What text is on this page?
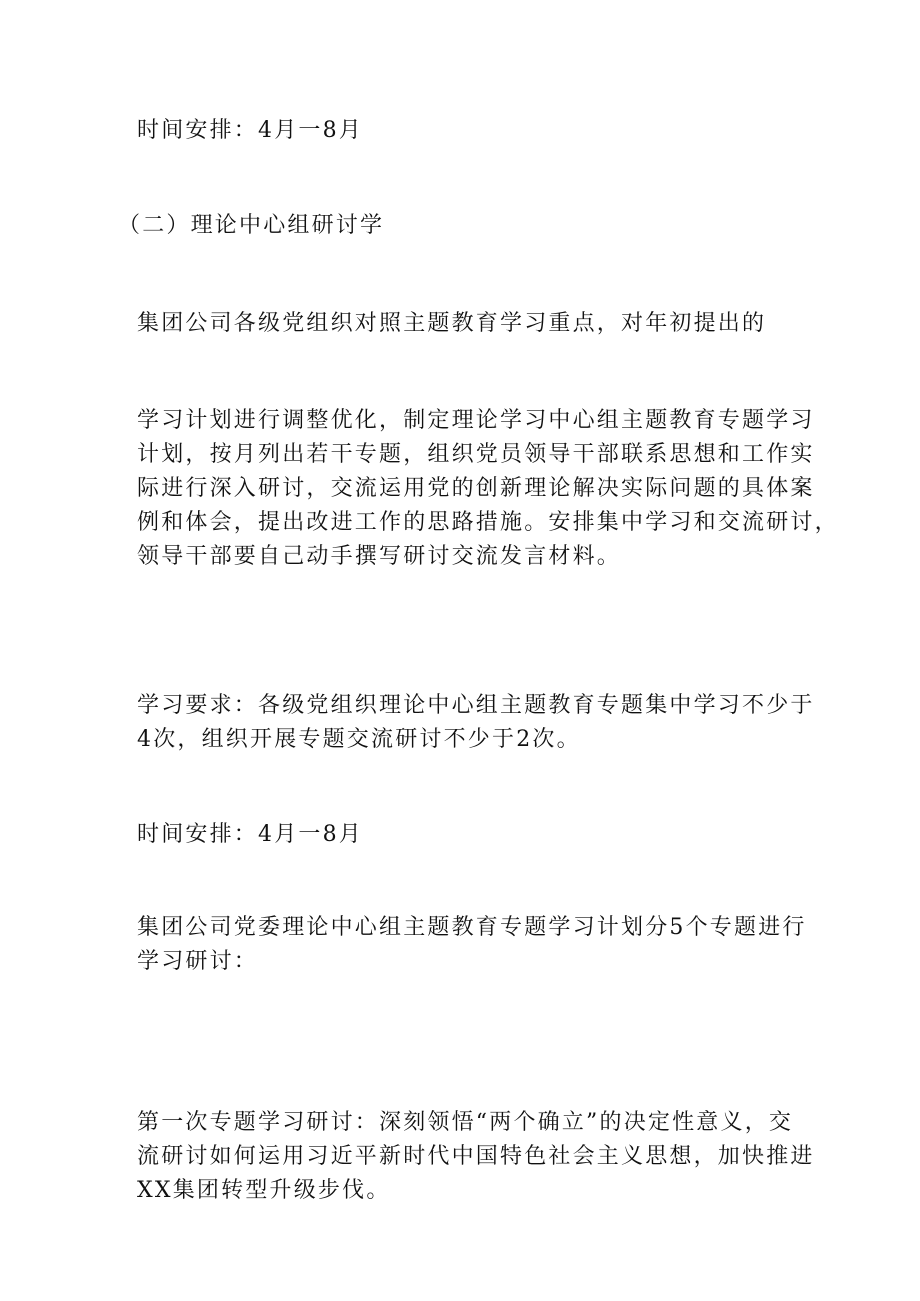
时间安排：4月一8月

（二）理论中心组研讨学

集团公司各级党组织对照主题教育学习重点，对年初提出的

学习计划进行调整优化，制定理论学习中心组主题教育专题学习
计划，按月列出若干专题，组织党员领导干部联系思想和工作实
际进行深入研讨，交流运用党的创新理论解决实际问题的具体案
例和体会，提出改进工作的思路措施。安排集中学习和交流研讨，
领导干部要自己动手撰写研讨交流发言材料。

学习要求：各级党组织理论中心组主题教育专题集中学习不少于
4次，组织开展专题交流研讨不少于2次。

时间安排：4月一8月

集团公司党委理论中心组主题教育专题学习计划分5个专题进行
学习研讨：

第一次专题学习研讨：深刻领悟“两个确立”的决定性意义，交
流研讨如何运用习近平新时代中国特色社会主义思想，加快推进
XX集团转型升级步伐。
